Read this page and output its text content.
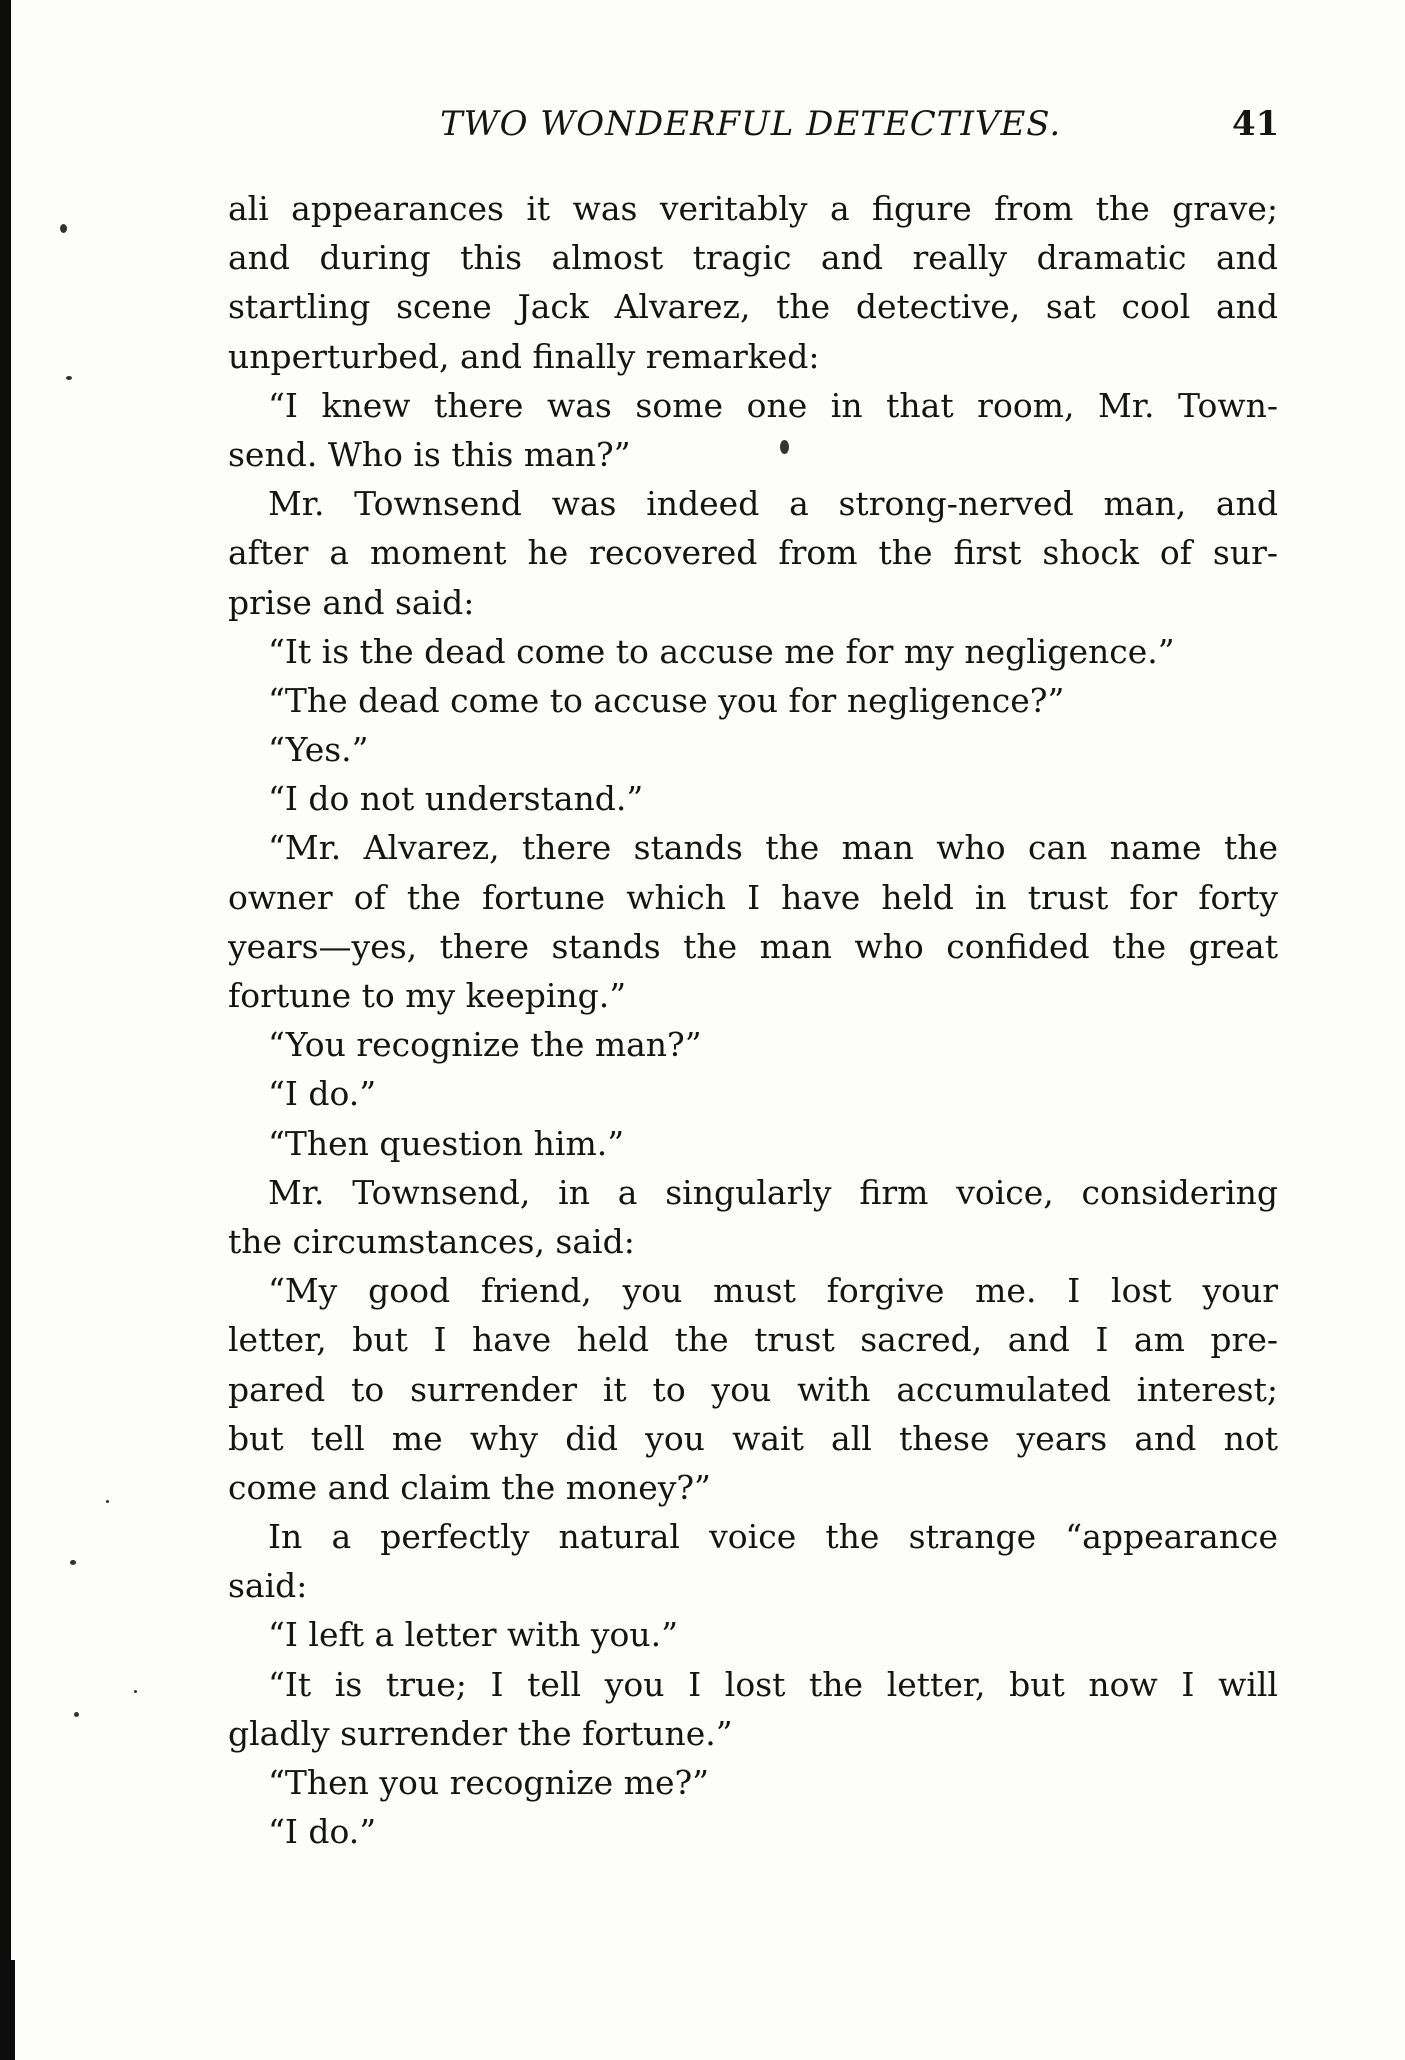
TWO WONDERFUL DETECTIVES.	41
ali appearances it was veritably a figure from the grave;
and during this almost tragic and really dramatic and
startling scene Jack Alvarez, the detective, sat cool and
unperturbed, and finally remarked:
“I knew there was some one in that room, Mr. Town-
send. Who is this man?”
Mr. Townsend was indeed a strong-nerved man, and
after a moment he recovered from the first shock of sur-
prise and said:
“It is the dead come to accuse me for my negligence.”
“The dead come to accuse you for negligence?”
“Yes.”
“I do not understand.”
“Mr. Alvarez, there stands the man who can name the
owner of the fortune which I have held in trust for forty
years—yes, there stands the man who confided the great
fortune to my keeping.”
“You recognize the man?”
“I do.”
“Then question him.”
Mr. Townsend, in a singularly firm voice, considering
the circumstances, said:
“My good friend, you must forgive me. I lost your
letter, but I have held the trust sacred, and I am pre-
pared to surrender it to you with accumulated interest;
but tell me why did you wait all these years and not
come and claim the money?”
In a perfectly natural voice the strange “appearance
said:
“I left a letter with you.”
“It is true; I tell you I lost the letter, but now I will
gladly surrender the fortune.”
“Then you recognize me?”
“I do.”
